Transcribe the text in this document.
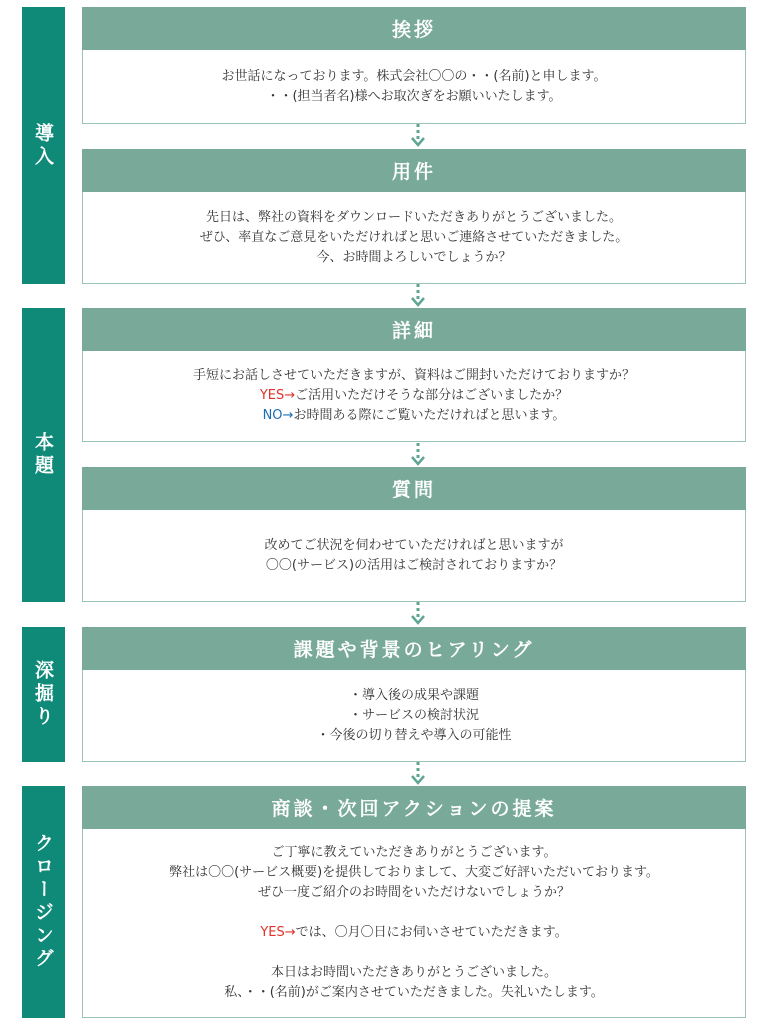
導入
本題
深掘り
クロージング
挨拶
お世話になっております。株式会社〇〇の・・(名前)と申します。
・・(担当者名)様へお取次ぎをお願いいたします。
用件
先日は、弊社の資料をダウンロードいただきありがとうございました。
ぜひ、率直なご意見をいただければと思いご連絡させていただきました。
今、お時間よろしいでしょうか？
詳細
手短にお話しさせていただきますが、資料はご開封いただけておりますか？
YES→ご活用いただけそうな部分はございましたか？
NO→お時間ある際にご覧いただければと思います。
質問
改めてご状況を伺わせていただければと思いますが
〇〇(サービス)の活用はご検討されておりますか？
課題や背景のヒアリング
・導入後の成果や課題
・サービスの検討状況
・今後の切り替えや導入の可能性
商談・次回アクションの提案
ご丁寧に教えていただきありがとうございます。
弊社は〇〇(サービス概要)を提供しておりまして、大変ご好評いただいております。
ぜひ一度ご紹介のお時間をいただけないでしょうか？

YES→では、〇月〇日にお伺いさせていただきます。

本日はお時間いただきありがとうございました。
私、・・(名前)がご案内させていただきました。失礼いたします。
